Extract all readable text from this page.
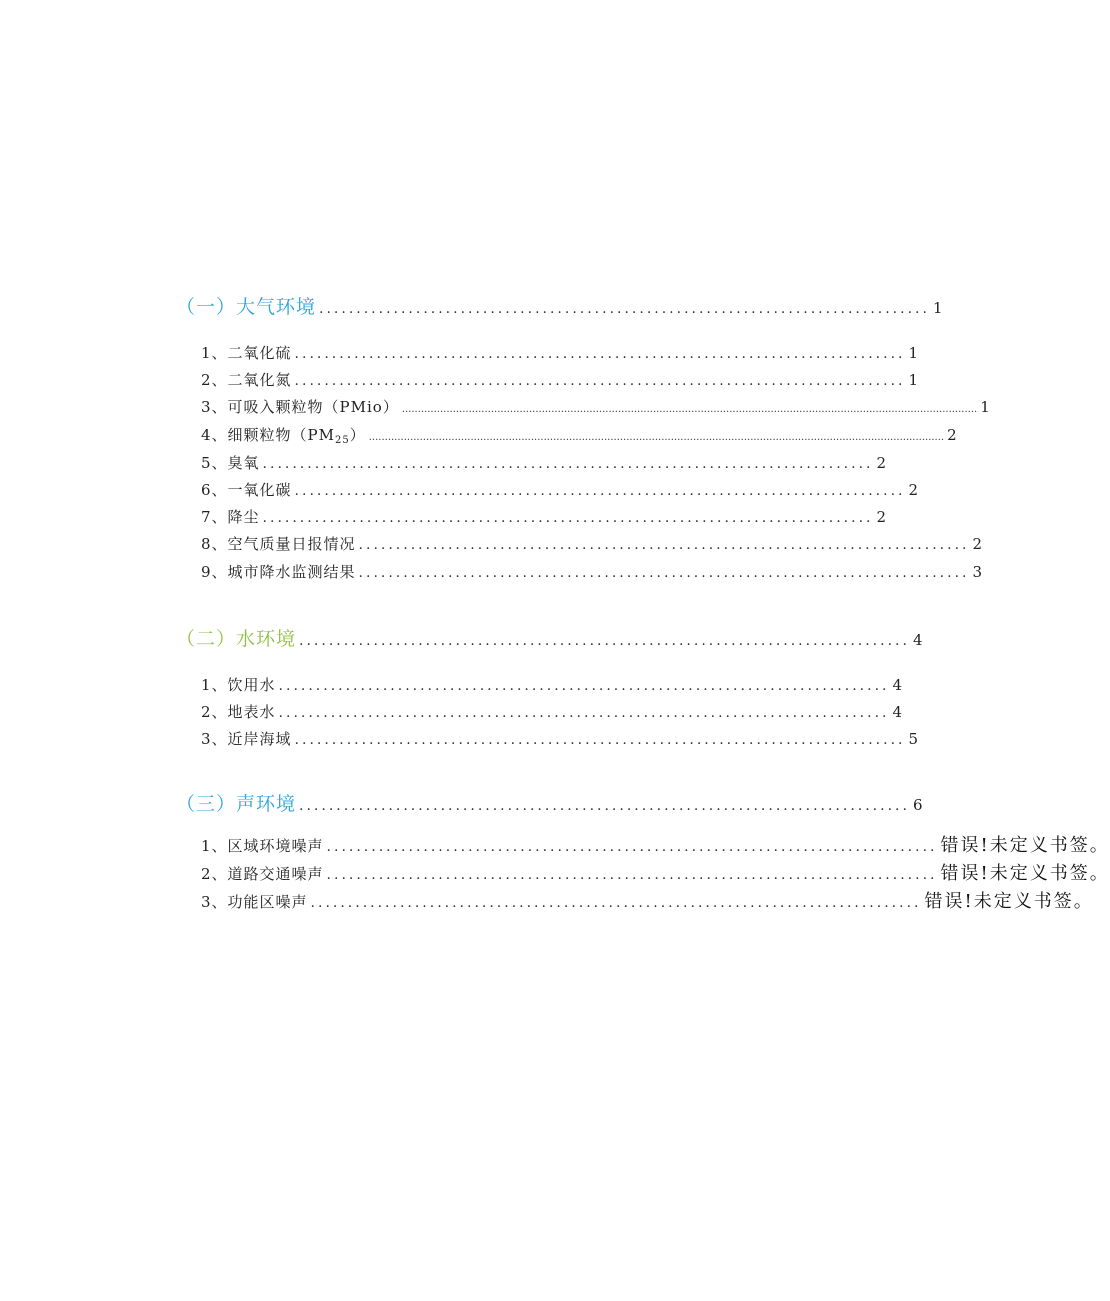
（一）大气环境 .................................................................................. 1
1、二氧化硫 .................................................................................. 1
2、二氧化氮 .................................................................................. 1
3、可吸入颗粒物（PMio） ..................................................................................................................................................................................... 1
4、细颗粒物$(PM_{25})$ ..................................................................................................................................................................................... 2
5、臭氧 .................................................................................. 2
6、一氧化碳 .................................................................................. 2
7、降尘 .................................................................................. 2
8、空气质量日报情况 .................................................................................. 2
9、城市降水监测结果 .................................................................................. 3
（二）水环境 .................................................................................. 4
1、饮用水 .................................................................................. 4
2、地表水 .................................................................................. 4
3、近岸海域 .................................................................................. 5
（三）声环境 .................................................................................. 6
1、区域环境噪声 .................................................................................. 错误!未定义书签。
2、道路交通噪声 .................................................................................. 错误!未定义书签。
3、功能区噪声 .................................................................................. 错误!未定义书签。
